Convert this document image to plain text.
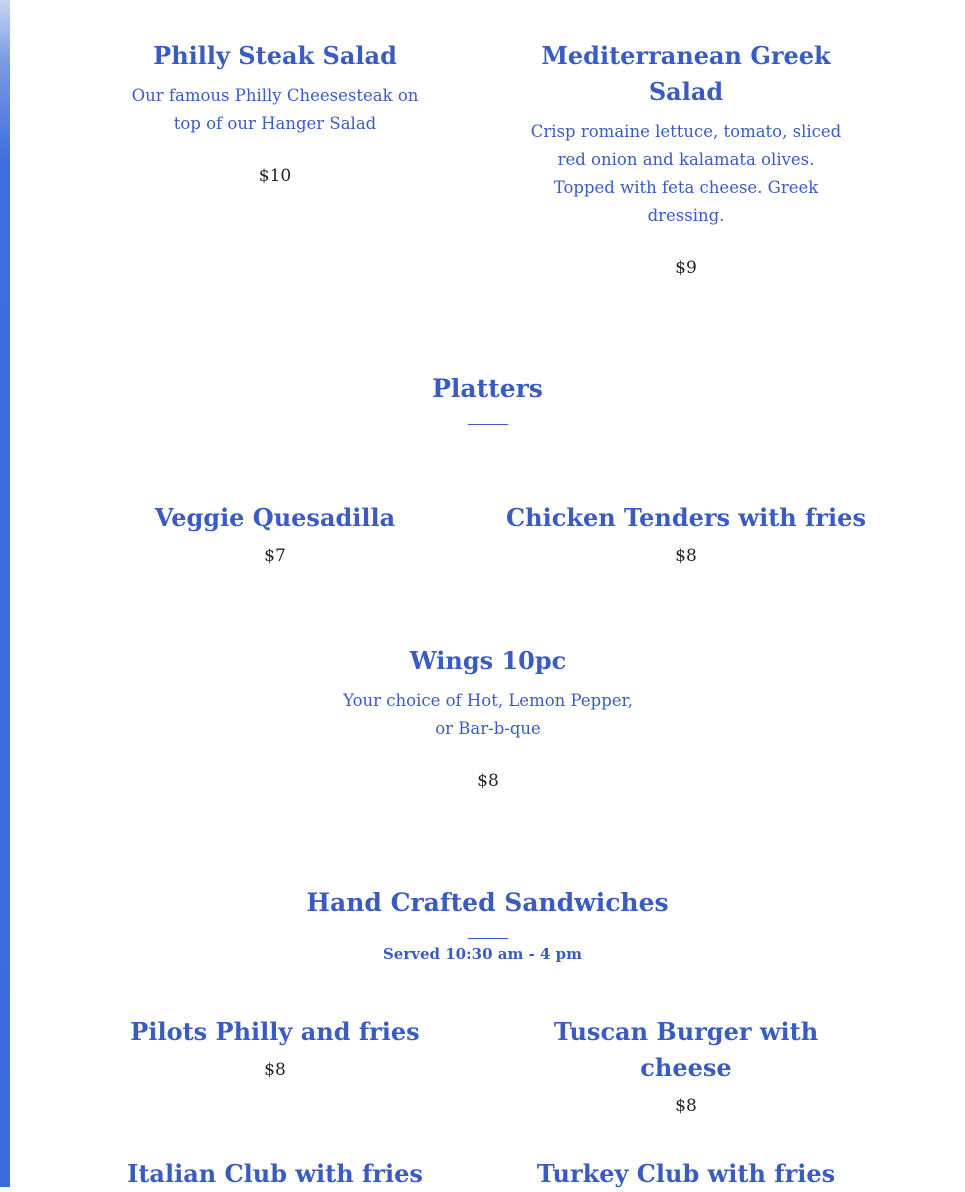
Philly Steak Salad

Our famous Philly Cheesesteak on
top of our Hanger Salad

$10

Mediterranean Greek
Salad

Crisp romaine lettuce, tomato, sliced
red onion and kalamata olives.
Topped with feta cheese. Greek
dressing.

$9

Platters

Veggie Quesadilla

$7

Chicken Tenders with fries

$8

Wings 10pc

Your choice of Hot, Lemon Pepper,
or Bar-b-que

$8

Hand Crafted Sandwiches

Served 10:30 am - 4 pm

Pilots Philly and fries

$8

Tuscan Burger with cheese

$8

Italian Club with fries	Turkey Club with fries
